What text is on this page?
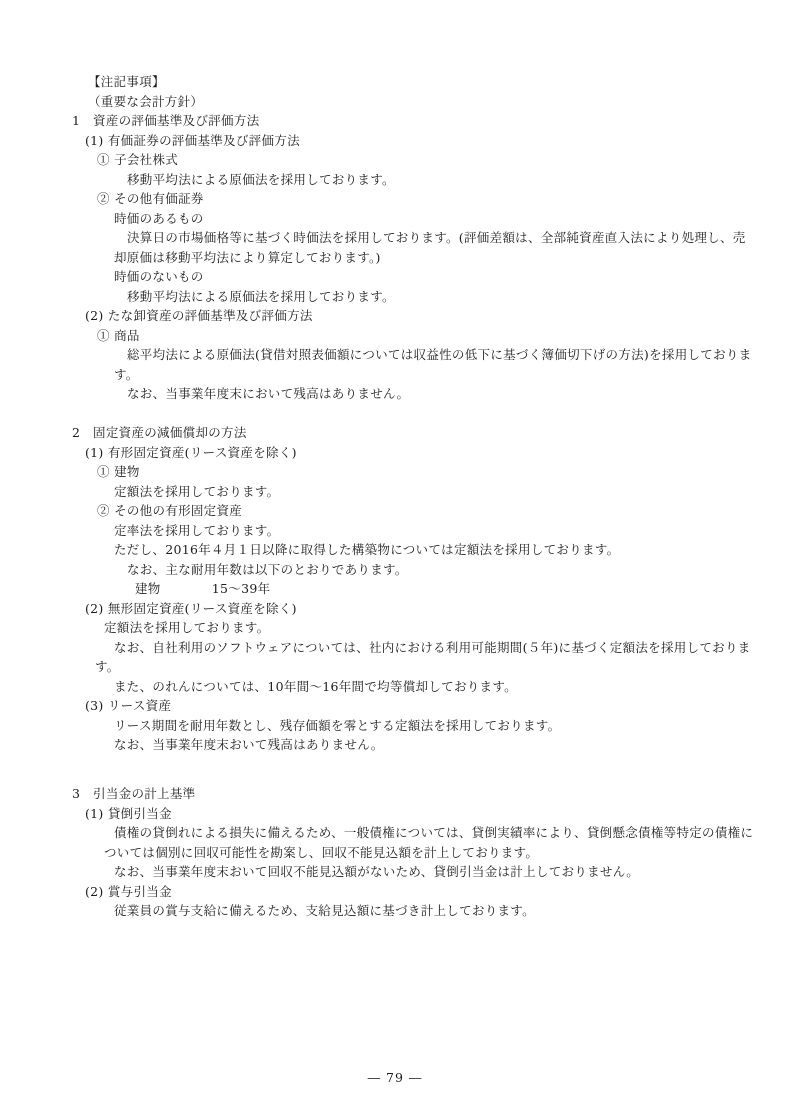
【注記事項】
（重要な会計方針）
1　資産の評価基準及び評価方法
(1) 有価証券の評価基準及び評価方法
① 子会社株式
移動平均法による原価法を採用しております。
② その他有価証券
時価のあるもの
決算日の市場価格等に基づく時価法を採用しております。(評価差額は、全部純資産直入法により処理し、売
却原価は移動平均法により算定しております。)
時価のないもの
移動平均法による原価法を採用しております。
(2) たな卸資産の評価基準及び評価方法
① 商品
総平均法による原価法(貸借対照表価額については収益性の低下に基づく簿価切下げの方法)を採用しておりま
す。
なお、当事業年度末において残高はありません。
2　固定資産の減価償却の方法
(1) 有形固定資産(リース資産を除く)
① 建物
定額法を採用しております。
② その他の有形固定資産
定率法を採用しております。
ただし、2016年４月１日以降に取得した構築物については定額法を採用しております。
なお、主な耐用年数は以下のとおりであります。
建物　　　　15～39年
(2) 無形固定資産(リース資産を除く)
定額法を採用しております。
なお、自社利用のソフトウェアについては、社内における利用可能期間(５年)に基づく定額法を採用しておりま
す。
また、のれんについては、10年間～16年間で均等償却しております。
(3) リース資産
リース期間を耐用年数とし、残存価額を零とする定額法を採用しております。
なお、当事業年度末おいて残高はありません。
3　引当金の計上基準
(1) 貸倒引当金
債権の貸倒れによる損失に備えるため、一般債権については、貸倒実績率により、貸倒懸念債権等特定の債権に
ついては個別に回収可能性を勘案し、回収不能見込額を計上しております。
なお、当事業年度末おいて回収不能見込額がないため、貸倒引当金は計上しておりません。
(2) 賞与引当金
従業員の賞与支給に備えるため、支給見込額に基づき計上しております。
― 79 ―
